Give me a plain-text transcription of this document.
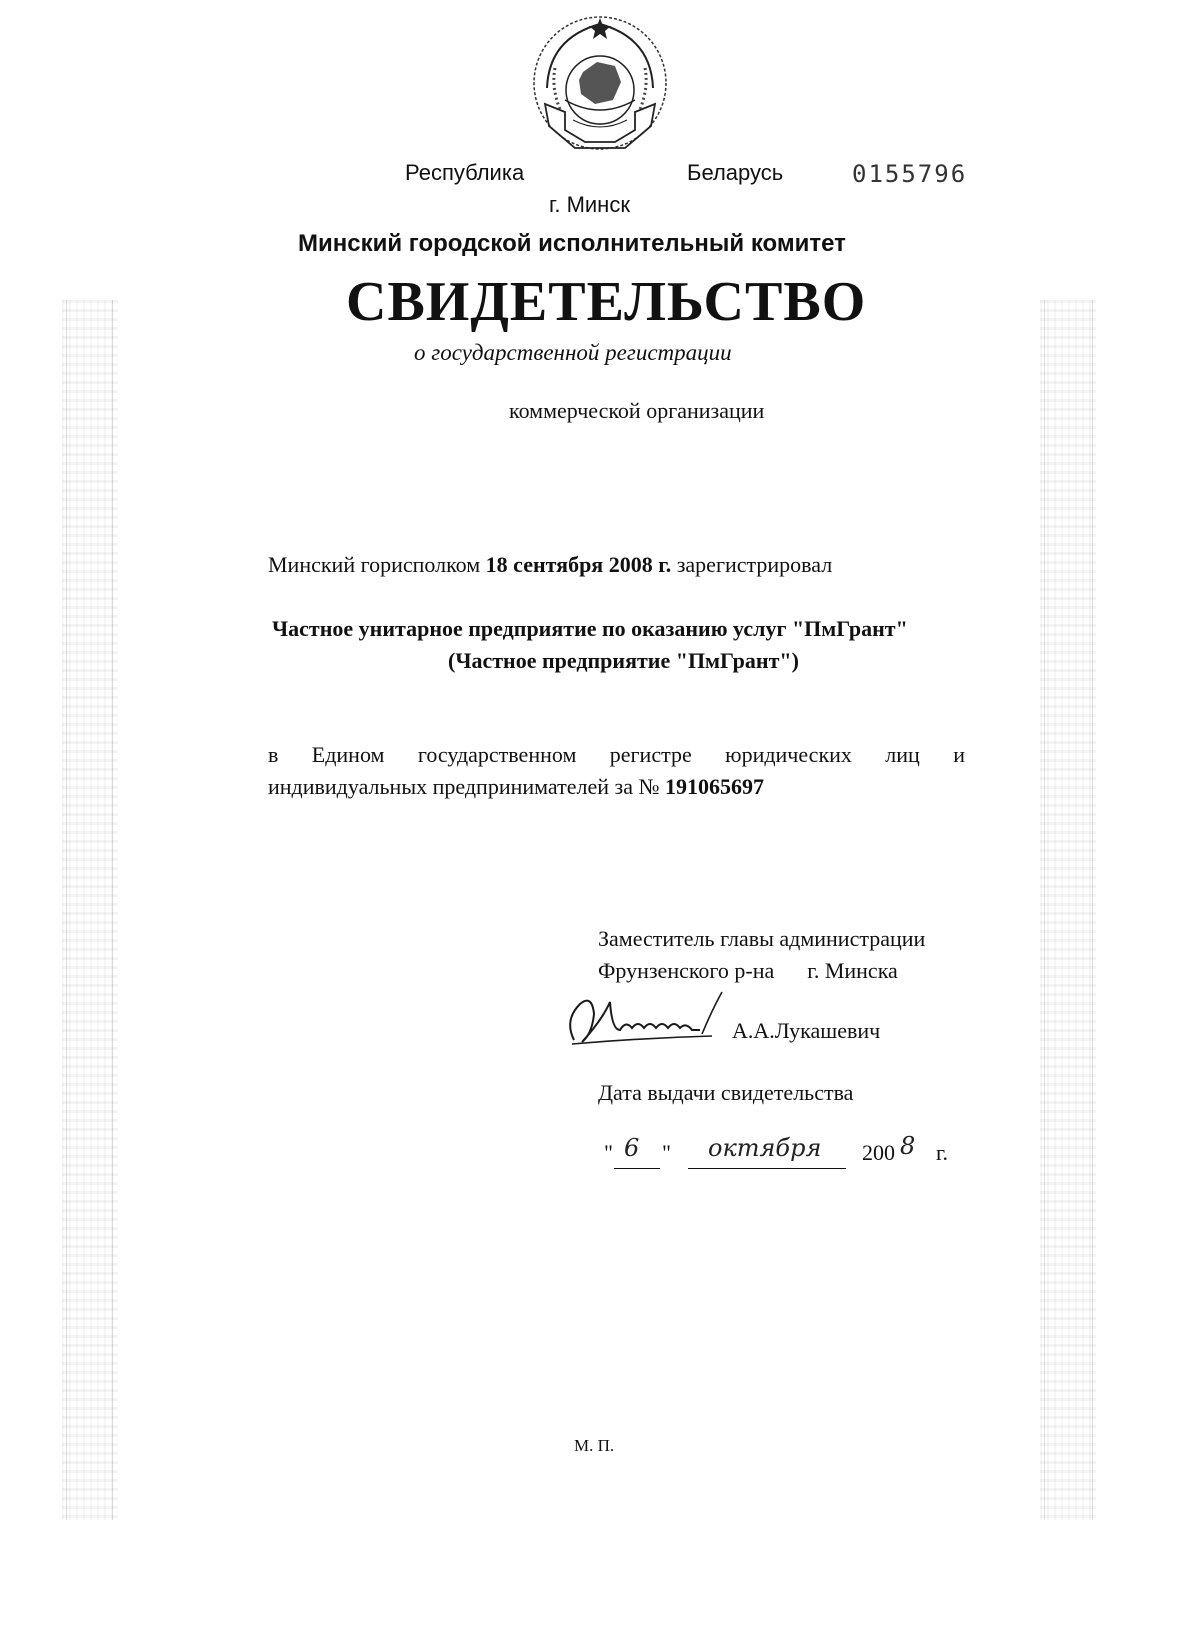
Республика	Беларусь	0155796
г. Минск
Минский городской исполнительный комитет
СВИДЕТЕЛЬСТВО
о государственной регистрации
коммерческой организации
Минский горисполком 18 сентября 2008 г. зарегистрировал
Частное унитарное предприятие по оказанию услуг "ПмГрант"
(Частное предприятие "ПмГрант")
в Едином государственном регистре юридических лиц и
индивидуальных предпринимателей за № 191065697
Заместитель главы администрации
Фрунзенского р-на г. Минска
А.А.Лукашевич
Дата выдачи свидетельства
" 6 " октября 200 8 г.
М. П.
